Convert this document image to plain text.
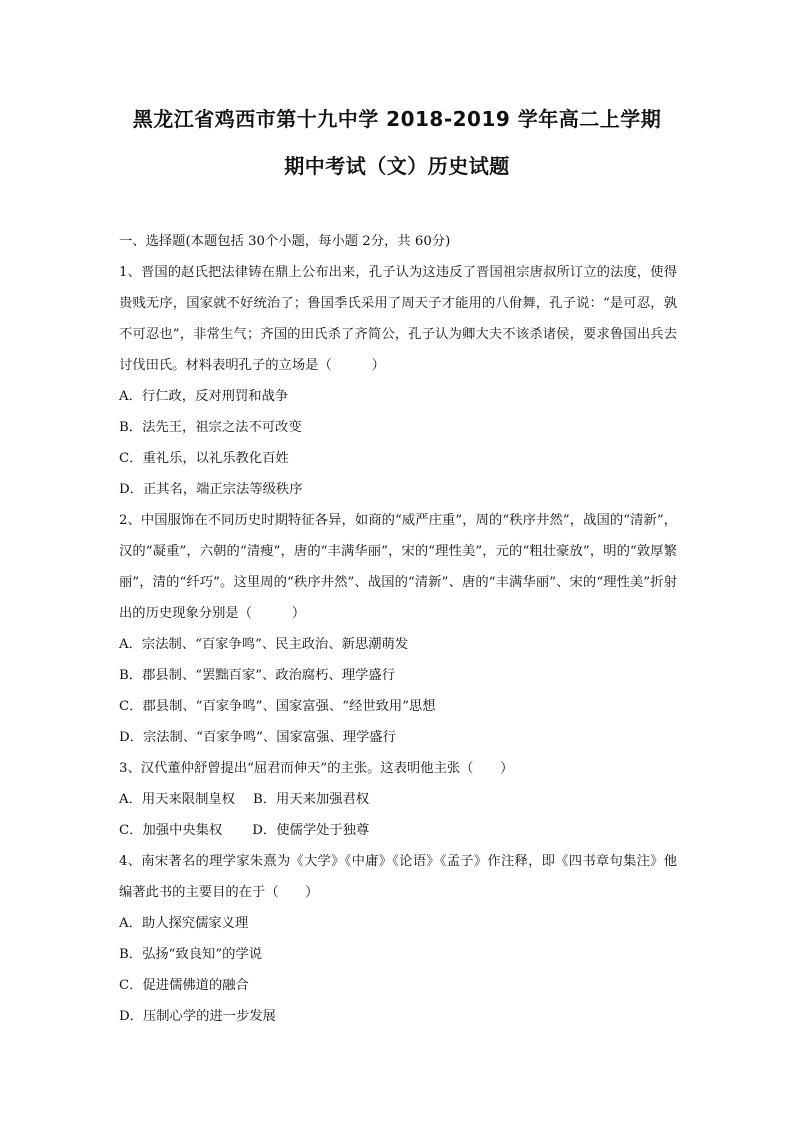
黑龙江省鸡西市第十九中学 2018-2019 学年高二上学期
期中考试（文）历史试题
一、选择题(本题包括 30个小题，每小题 2分，共 60分)
1、晋国的赵氏把法律铸在鼎上公布出来，孔子认为这违反了晋国祖宗唐叔所订立的法度，使得贵贱无序，国家就不好统治了；鲁国季氏采用了周天子才能用的八佾舞，孔子说：“是可忍，孰不可忍也”，非常生气；齐国的田氏杀了齐简公，孔子认为卿大夫不该杀诸侯，要求鲁国出兵去讨伐田氏。材料表明孔子的立场是（　　　）
A．行仁政，反对刑罚和战争
B．法先王，祖宗之法不可改变
C．重礼乐，以礼乐教化百姓
D．正其名，端正宗法等级秩序
2、中国服饰在不同历史时期特征各异，如商的“威严庄重”，周的“秩序井然”，战国的“清新”，汉的“凝重”，六朝的“清瘦”，唐的“丰满华丽”，宋的“理性美”，元的“粗壮豪放”，明的“敦厚繁丽”，清的“纤巧”。这里周的“秩序井然”、战国的“清新”、唐的“丰满华丽”、宋的“理性美”折射出的历史现象分别是（　　　）
A．宗法制、“百家争鸣”、民主政治、新思潮萌发
B．郡县制、“罢黜百家”、政治腐朽、理学盛行
C．郡县制、“百家争鸣”、国家富强、“经世致用”思想
D．宗法制、“百家争鸣”、国家富强、理学盛行
3、汉代董仲舒曾提出“屈君而伸天”的主张。这表明他主张（　　）
A．用天来限制皇权 B．用天来加强君权
C．加强中央集权 D．使儒学处于独尊
4、南宋著名的理学家朱熹为《大学》《中庸》《论语》《孟子》作注释，即《四书章句集注》他编著此书的主要目的在于（　　）
A．助人探究儒家义理
B．弘扬“致良知”的学说
C．促进儒佛道的融合
D．压制心学的进一步发展
